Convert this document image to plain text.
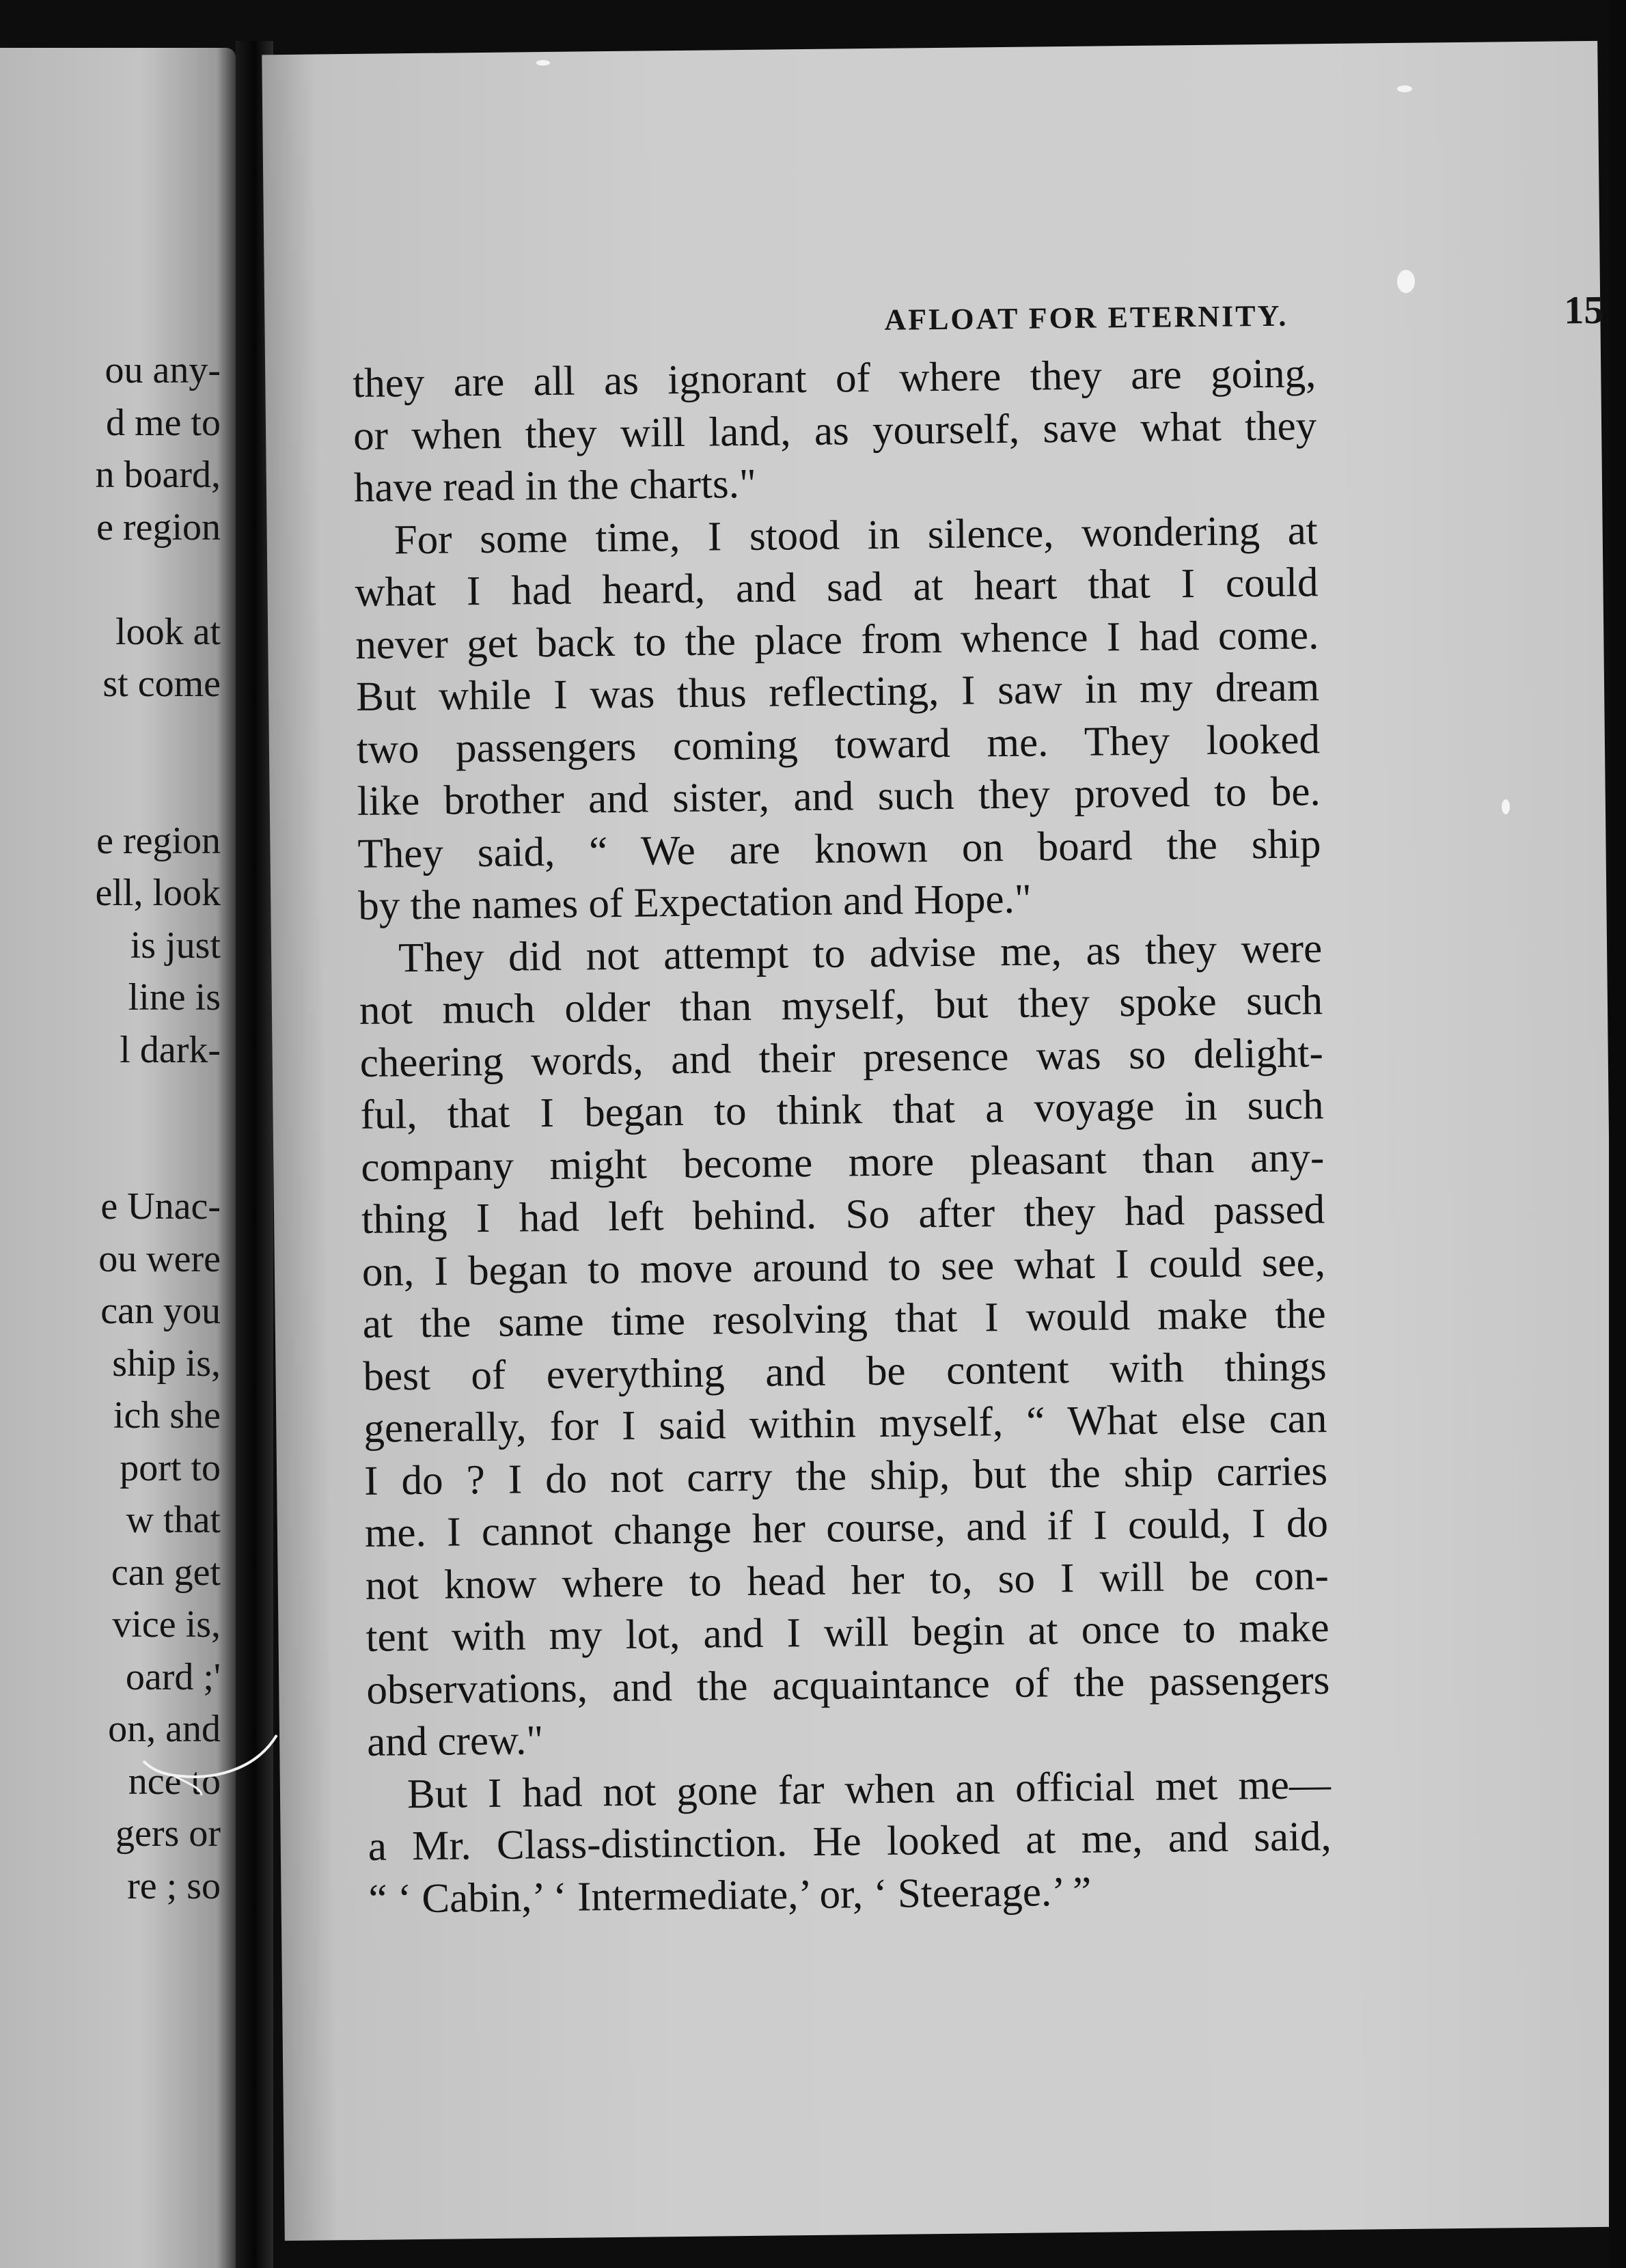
ou any-
d me to
n board,
e region
look at
st come
e region
ell, look
is just
line is
l dark-
e Unac-
ou were
can you
ship is,
ich she
port to
w that
can get
vice is,
oard ;'
on, and
nce to
gers or
re ; so
AFLOAT FOR ETERNITY.	15
they are all as ignorant of where they are going,
or when they will land, as yourself, save what they
have read in the charts."
For some time, I stood in silence, wondering at
what I had heard, and sad at heart that I could
never get back to the place from whence I had come.
But while I was thus reflecting, I saw in my dream
two passengers coming toward me. They looked
like brother and sister, and such they proved to be.
They said, “ We are known on board the ship
by the names of Expectation and Hope."
They did not attempt to advise me, as they were
not much older than myself, but they spoke such
cheering words, and their presence was so delight-
ful, that I began to think that a voyage in such
company might become more pleasant than any-
thing I had left behind. So after they had passed
on, I began to move around to see what I could see,
at the same time resolving that I would make the
best of everything and be content with things
generally, for I said within myself, “ What else can
I do ? I do not carry the ship, but the ship carries
me. I cannot change her course, and if I could, I do
not know where to head her to, so I will be con-
tent with my lot, and I will begin at once to make
observations, and the acquaintance of the passengers
and crew."
But I had not gone far when an official met me—
a Mr. Class-distinction. He looked at me, and said,
“ ‘ Cabin,’ ‘ Intermediate,’ or, ‘ Steerage.’ ”
